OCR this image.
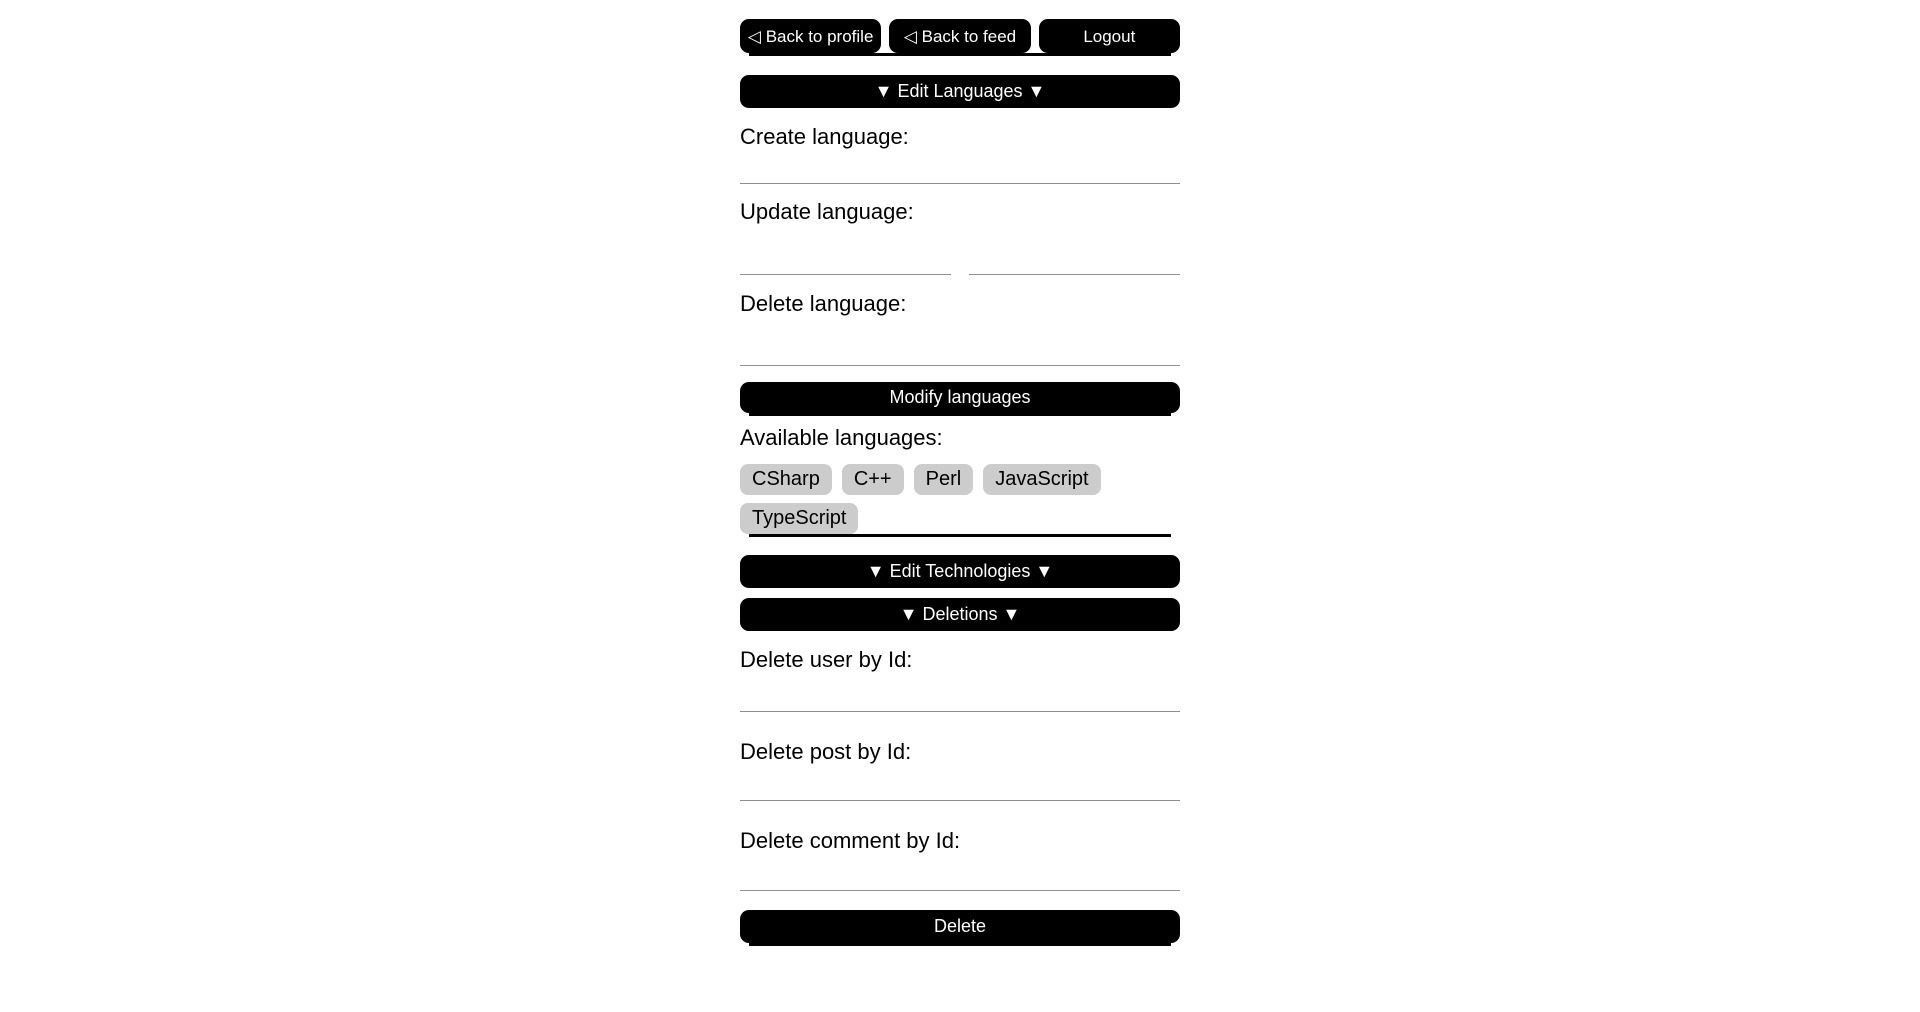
◁ Back to profile	◁ Back to feed	Logout
▼ Edit Languages ▼
Create language:
Update language:
Delete language:
Modify languages
Available languages:
CSharp	C++	Perl	JavaScript
TypeScript
▼ Edit Technologies ▼
▼ Deletions ▼
Delete user by Id:
Delete post by Id:
Delete comment by Id:
Delete
